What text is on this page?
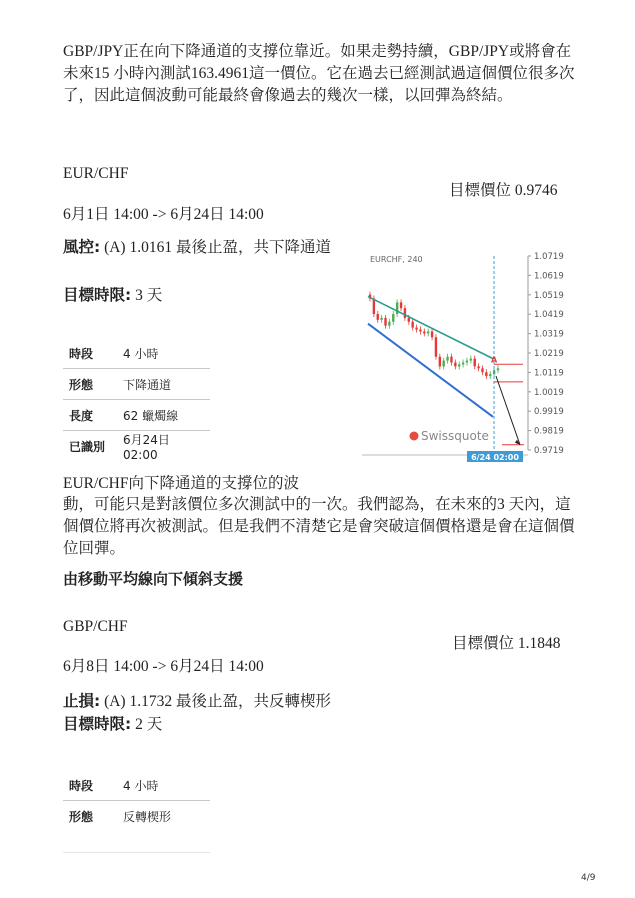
GBP/JPY正在向下降通道的支撐位靠近。如果走勢持續，GBP/JPY或將會在未來15 小時內測試163.4961這一價位。它在過去已經測試過這個價位很多次了，因此這個波動可能最終會像過去的幾次一樣，以回彈為終結。
EUR/CHF
目標價位 0.9746
6月1日 14:00 -> 6月24日 14:00
風控: (A) 1.0161 最後止盈，共下降通道
目標時限: 3 天
時段	4 小時
形態	下降通道
長度	62 蠟燭線
已識別	6月24日 02:00
EURCHF, 240	1.0719
1.0619
1.0519
1.0419
1.0319
1.0219
1.0119
1.0019
0.9919
0.9819
0.9719
A
Swissquote
6/24 02:00
EUR/CHF向下降通道的支撐位的波
動，可能只是對該價位多次測試中的一次。我們認為，在未來的3 天內，這個價位將再次被測試。但是我們不清楚它是會突破這個價格還是會在這個價位回彈。
由移動平均線向下傾斜支援
GBP/CHF
目標價位 1.1848
6月8日 14:00 -> 6月24日 14:00
止損: (A) 1.1732 最後止盈，共反轉楔形
目標時限: 2 天
時段	4 小時
形態	反轉楔形
4/9
